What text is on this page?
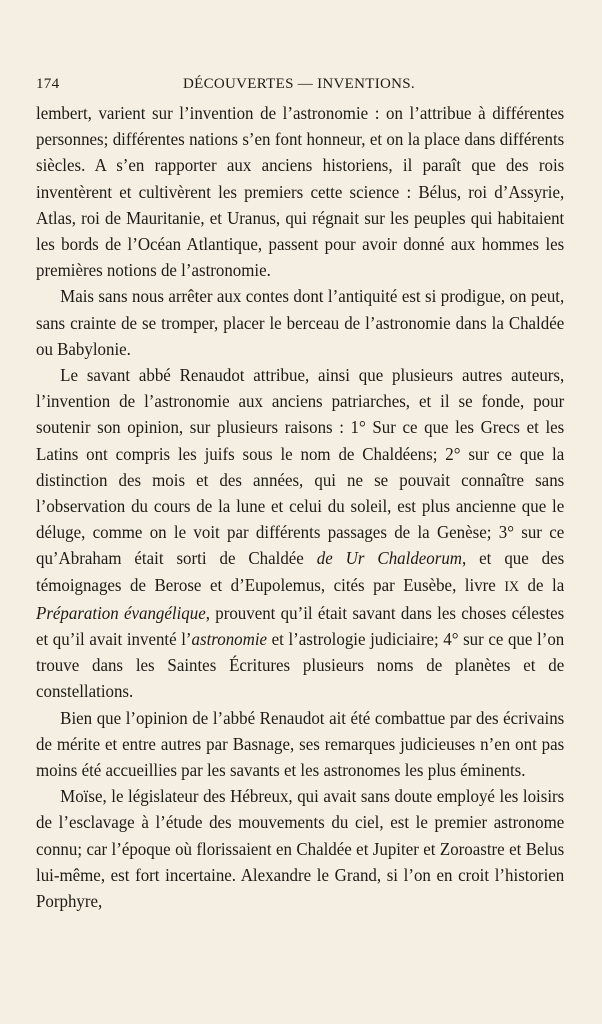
174	DÉCOUVERTES — INVENTIONS.

lembert, varient sur l’invention de l’astronomie : on l’attribue à différentes personnes; différentes nations s’en font honneur, et on la place dans différents siècles. A s’en rapporter aux anciens historiens, il paraît que des rois inventèrent et cultivèrent les premiers cette science : Bélus, roi d’Assyrie, Atlas, roi de Mauritanie, et Uranus, qui régnait sur les peuples qui habitaient les bords de l’Océan Atlantique, passent pour avoir donné aux hommes les premières notions de l’astronomie.

Mais sans nous arrêter aux contes dont l’antiquité est si prodigue, on peut, sans crainte de se tromper, placer le berceau de l’astronomie dans la Chaldée ou Babylonie.

Le savant abbé Renaudot attribue, ainsi que plusieurs autres auteurs, l’invention de l’astronomie aux anciens patriarches, et il se fonde, pour soutenir son opinion, sur plusieurs raisons : 1° Sur ce que les Grecs et les Latins ont compris les juifs sous le nom de Chaldéens; 2° sur ce que la distinction des mois et des années, qui ne se pouvait connaître sans l’observation du cours de la lune et celui du soleil, est plus ancienne que le déluge, comme on le voit par différents passages de la Genèse; 3° sur ce qu’Abraham était sorti de Chaldée de Ur Chaldeorum, et que des témoignages de Berose et d’Eupolemus, cités par Eusèbe, livre IX de la Préparation évangélique, prouvent qu’il était savant dans les choses célestes et qu’il avait inventé l’astronomie et l’astrologie judiciaire; 4° sur ce que l’on trouve dans les Saintes Écritures plusieurs noms de planètes et de constellations.

Bien que l’opinion de l’abbé Renaudot ait été combattue par des écrivains de mérite et entre autres par Basnage, ses remarques judicieuses n’en ont pas moins été accueillies par les savants et les astronomes les plus éminents.

Moïse, le législateur des Hébreux, qui avait sans doute employé les loisirs de l’esclavage à l’étude des mouvements du ciel, est le premier astronome connu; car l’époque où florissaient en Chaldée et Jupiter et Zoroastre et Belus lui-même, est fort incertaine. Alexandre le Grand, si l’on en croit l’historien Porphyre,
